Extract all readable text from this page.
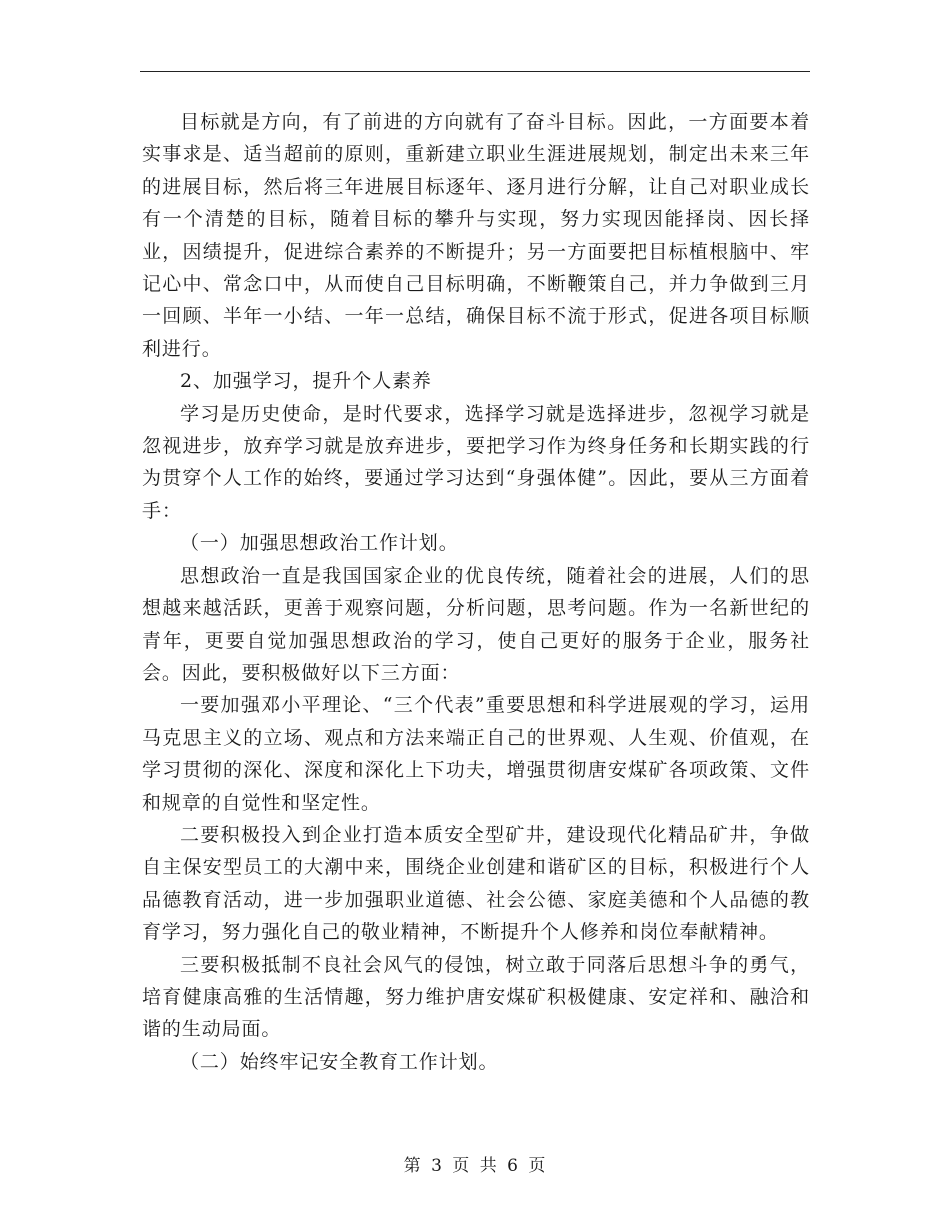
目标就是方向，有了前进的方向就有了奋斗目标。因此，一方面要本着实事求是、适当超前的原则，重新建立职业生涯进展规划，制定出未来三年的进展目标，然后将三年进展目标逐年、逐月进行分解，让自己对职业成长有一个清楚的目标，随着目标的攀升与实现，努力实现因能择岗、因长择业，因绩提升，促进综合素养的不断提升；另一方面要把目标植根脑中、牢记心中、常念口中，从而使自己目标明确，不断鞭策自己，并力争做到三月一回顾、半年一小结、一年一总结，确保目标不流于形式，促进各项目标顺利进行。

2、加强学习，提升个人素养

学习是历史使命，是时代要求，选择学习就是选择进步，忽视学习就是忽视进步，放弃学习就是放弃进步，要把学习作为终身任务和长期实践的行为贯穿个人工作的始终，要通过学习达到“身强体健”。因此，要从三方面着手：

（一）加强思想政治工作计划。

思想政治一直是我国国家企业的优良传统，随着社会的进展，人们的思想越来越活跃，更善于观察问题，分析问题，思考问题。作为一名新世纪的青年，更要自觉加强思想政治的学习，使自己更好的服务于企业，服务社会。因此，要积极做好以下三方面：

一要加强邓小平理论、“三个代表”重要思想和科学进展观的学习，运用马克思主义的立场、观点和方法来端正自己的世界观、人生观、价值观，在学习贯彻的深化、深度和深化上下功夫，增强贯彻唐安煤矿各项政策、文件和规章的自觉性和坚定性。

二要积极投入到企业打造本质安全型矿井，建设现代化精品矿井，争做自主保安型员工的大潮中来，围绕企业创建和谐矿区的目标，积极进行个人品德教育活动，进一步加强职业道德、社会公德、家庭美德和个人品德的教育学习，努力强化自己的敬业精神，不断提升个人修养和岗位奉献精神。

三要积极抵制不良社会风气的侵蚀，树立敢于同落后思想斗争的勇气，培育健康高雅的生活情趣，努力维护唐安煤矿积极健康、安定祥和、融洽和谐的生动局面。

（二）始终牢记安全教育工作计划。

第 3 页 共 6 页
